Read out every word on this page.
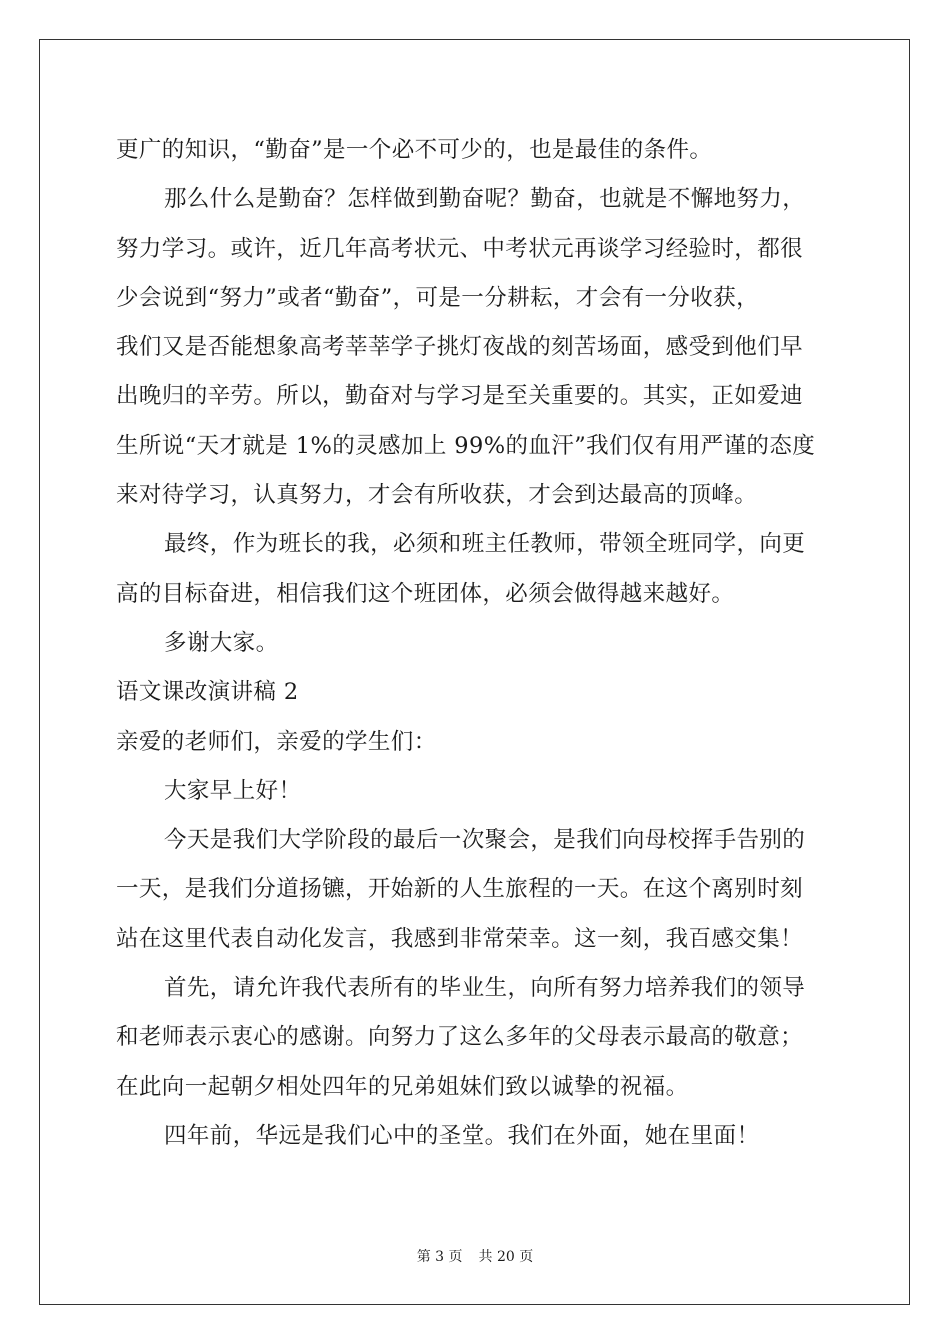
更广的知识，“勤奋”是一个必不可少的，也是最佳的条件。
那么什么是勤奋？怎样做到勤奋呢？勤奋，也就是不懈地努力，
努力学习。或许，近几年高考状元、中考状元再谈学习经验时，都很
少会说到“努力”或者“勤奋”，可是一分耕耘，才会有一分收获，
我们又是否能想象高考莘莘学子挑灯夜战的刻苦场面，感受到他们早
出晚归的辛劳。所以，勤奋对与学习是至关重要的。其实，正如爱迪
生所说“天才就是 1%的灵感加上 99%的血汗”我们仅有用严谨的态度
来对待学习，认真努力，才会有所收获，才会到达最高的顶峰。
最终，作为班长的我，必须和班主任教师，带领全班同学，向更
高的目标奋进，相信我们这个班团体，必须会做得越来越好。
多谢大家。
语文课改演讲稿 2
亲爱的老师们，亲爱的学生们：
大家早上好！
今天是我们大学阶段的最后一次聚会，是我们向母校挥手告别的
一天，是我们分道扬镳，开始新的人生旅程的一天。在这个离别时刻
站在这里代表自动化发言，我感到非常荣幸。这一刻，我百感交集！
首先，请允许我代表所有的毕业生，向所有努力培养我们的领导
和老师表示衷心的感谢。向努力了这么多年的父母表示最高的敬意；
在此向一起朝夕相处四年的兄弟姐妹们致以诚挚的祝福。
四年前，华远是我们心中的圣堂。我们在外面，她在里面！
第 3 页 共 20 页
